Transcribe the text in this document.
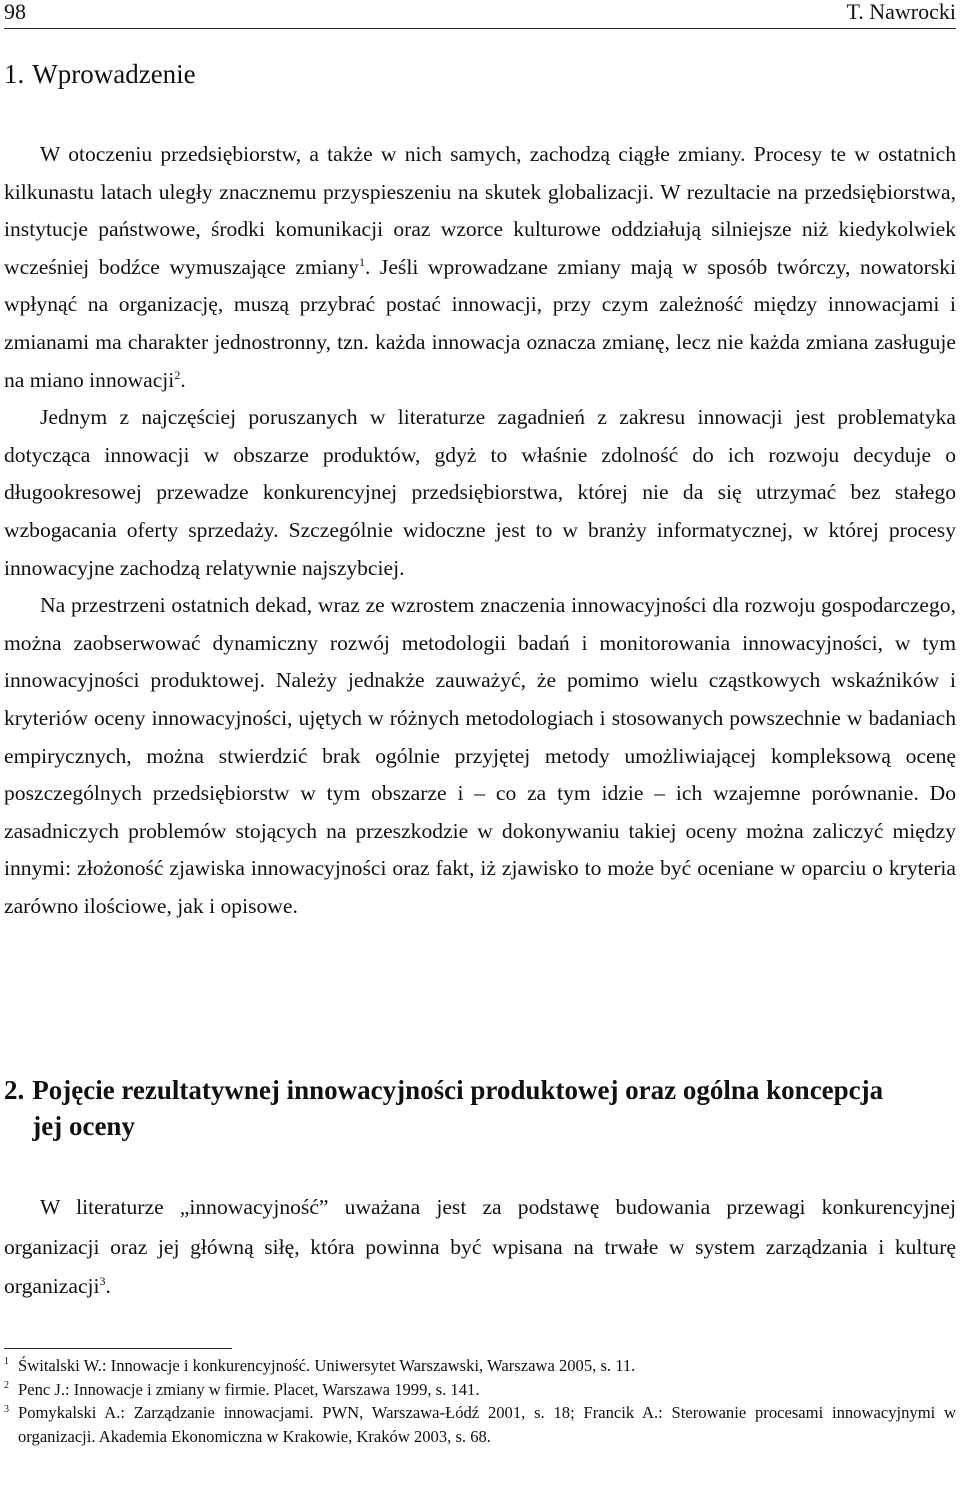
98	T. Nawrocki
1. Wprowadzenie

W otoczeniu przedsiębiorstw, a także w nich samych, zachodzą ciągłe zmiany. Procesy te w ostatnich kilkunastu latach uległy znacznemu przyspieszeniu na skutek globalizacji. W rezultacie na przedsiębiorstwa, instytucje państwowe, środki komunikacji oraz wzorce kulturowe oddziałują silniejsze niż kiedykolwiek wcześniej bodźce wymuszające zmiany$^1$. Jeśli wprowadzane zmiany mają w sposób twórczy, nowatorski wpłynąć na organizację, muszą przybrać postać innowacji, przy czym zależność między innowacjami i zmianami ma charakter jednostronny, tzn. każda innowacja oznacza zmianę, lecz nie każda zmiana zasługuje na miano innowacji$^2$.

Jednym z najczęściej poruszanych w literaturze zagadnień z zakresu innowacji jest problematyka dotycząca innowacji w obszarze produktów, gdyż to właśnie zdolność do ich rozwoju decyduje o długookresowej przewadze konkurencyjnej przedsiębiorstwa, której nie da się utrzymać bez stałego wzbogacania oferty sprzedaży. Szczególnie widoczne jest to w branży informatycznej, w której procesy innowacyjne zachodzą relatywnie najszybciej.

Na przestrzeni ostatnich dekad, wraz ze wzrostem znaczenia innowacyjności dla rozwoju gospodarczego, można zaobserwować dynamiczny rozwój metodologii badań i monitorowania innowacyjności, w tym innowacyjności produktowej. Należy jednakże zauważyć, że pomimo wielu cząstkowych wskaźników i kryteriów oceny innowacyjności, ujętych w różnych metodologiach i stosowanych powszechnie w badaniach empirycznych, można stwierdzić brak ogólnie przyjętej metody umożliwiającej kompleksową ocenę poszczególnych przedsiębiorstw w tym obszarze i – co za tym idzie – ich wzajemne porównanie. Do zasadniczych problemów stojących na przeszkodzie w dokonywaniu takiej oceny można zaliczyć między innymi: złożoność zjawiska innowacyjności oraz fakt, iż zjawisko to może być oceniane w oparciu o kryteria zarówno ilościowe, jak i opisowe.

2. Pojęcie rezultatywnej innowacyjności produktowej oraz ogólna koncepcja jej oceny

W literaturze „innowacyjność” uważana jest za podstawę budowania przewagi konkurencyjnej organizacji oraz jej główną siłę, która powinna być wpisana na trwałe w system zarządzania i kulturę organizacji$^3$.

$^1$ Świtalski W.: Innowacje i konkurencyjność. Uniwersytet Warszawski, Warszawa 2005, s. 11.

$^2$ Penc J.: Innowacje i zmiany w firmie. Placet, Warszawa 1999, s. 141.

$^3$ Pomykalski A.: Zarządzanie innowacjami. PWN, Warszawa-Łódź 2001, s. 18; Francik A.: Sterowanie procesami innowacyjnymi w organizacji. Akademia Ekonomiczna w Krakowie, Kraków 2003, s. 68.
